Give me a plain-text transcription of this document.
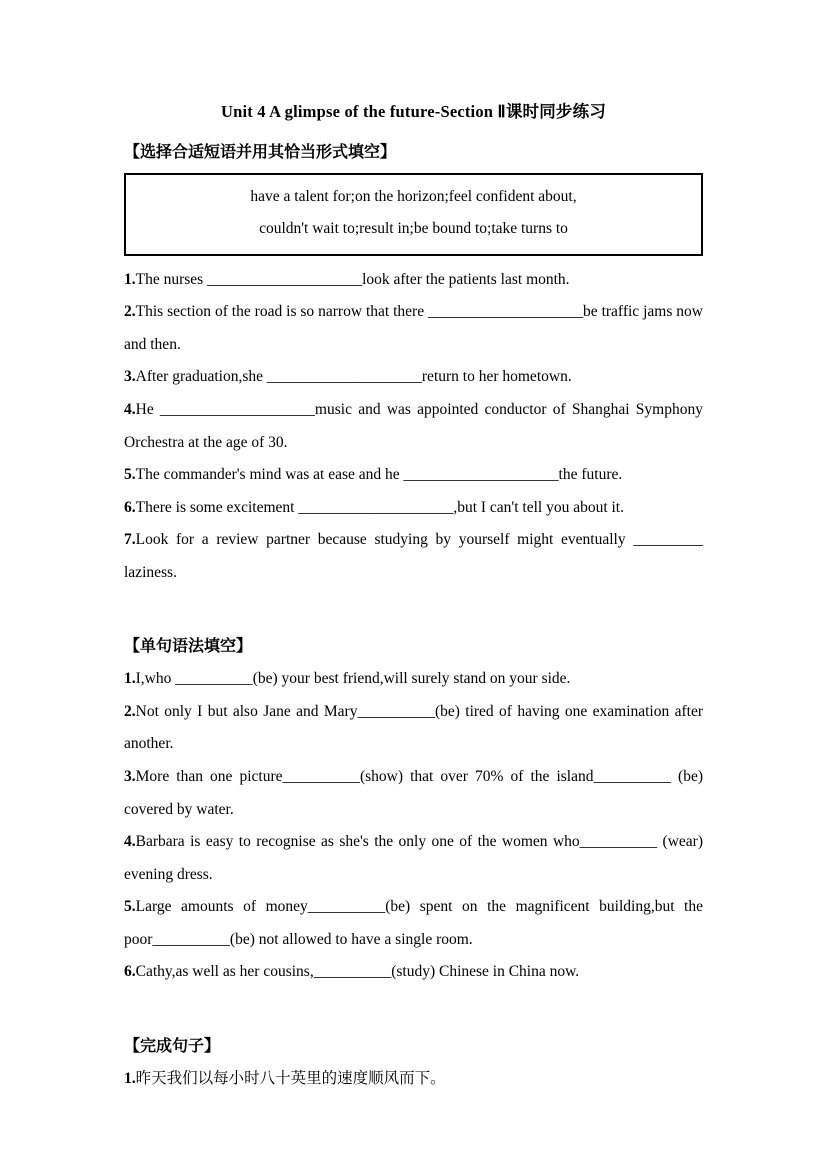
Unit 4 A glimpse of the future-Section Ⅱ课时同步练习
【选择合适短语并用其恰当形式填空】
have a talent for;on the horizon;feel confident about,
couldn't wait to;result in;be bound to;take turns to

1.The nurses ____________________look after the patients last month.

2.This section of the road is so narrow that there ____________________be traffic jams now and then.

3.After graduation,she ____________________return to her hometown.

4.He ____________________music and was appointed conductor of Shanghai Symphony Orchestra at the age of 30.

5.The commander's mind was at ease and he ____________________the future.

6.There is some excitement ____________________,but I can't tell you about it.

7.Look for a review partner because studying by yourself might eventually _________ laziness.

【单句语法填空】

1.I,who __________(be) your best friend,will surely stand on your side.

2.Not only I but also Jane and Mary__________(be) tired of having one examination after another.

3.More than one picture__________(show) that over 70% of the island__________ (be) covered by water.

4.Barbara is easy to recognise as she's the only one of the women who__________ (wear) evening dress.

5.Large amounts of money__________(be) spent on the magnificent building,but the poor__________(be) not allowed to have a single room.

6.Cathy,as well as her cousins,__________(study) Chinese in China now.

【完成句子】

1.昨天我们以每小时八十英里的速度顺风而下。
